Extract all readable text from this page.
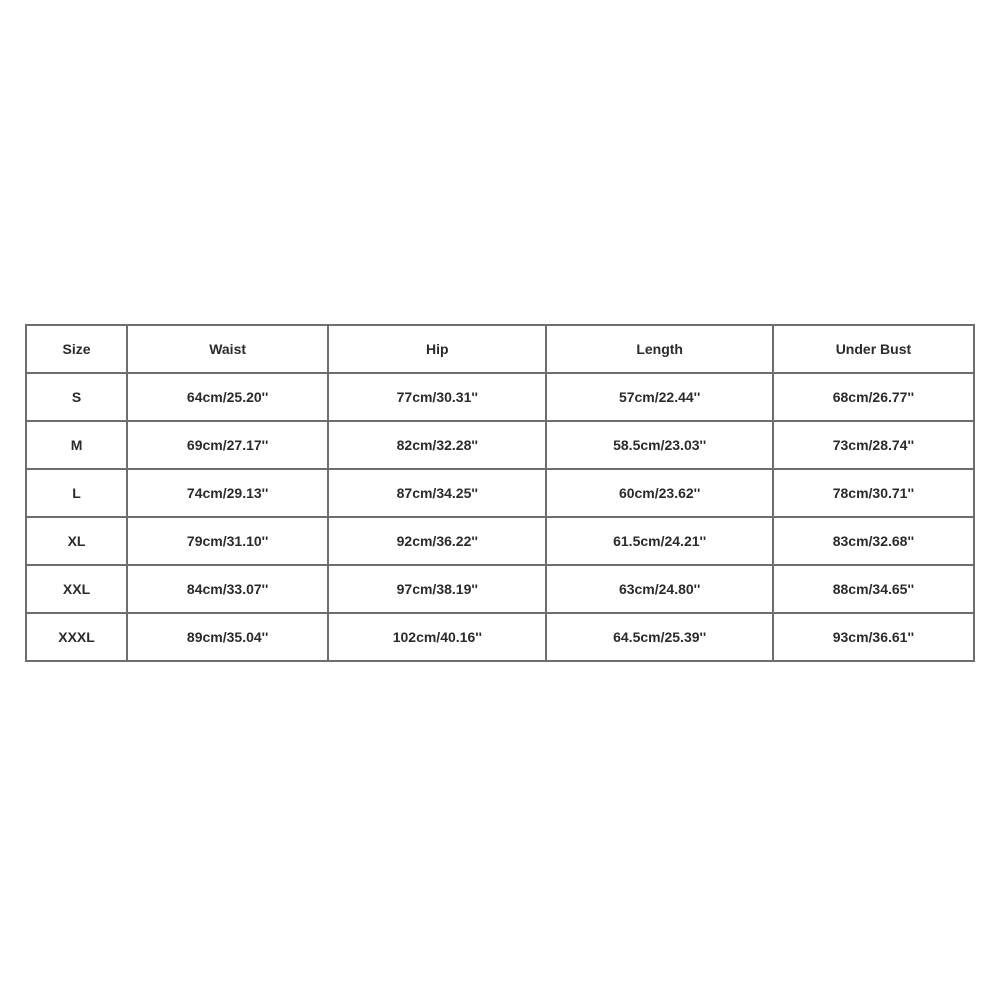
Size	Waist	Hip	Length	Under Bust
S	64cm/25.20''	77cm/30.31''	57cm/22.44''	68cm/26.77''
M	69cm/27.17''	82cm/32.28''	58.5cm/23.03''	73cm/28.74''
L	74cm/29.13''	87cm/34.25''	60cm/23.62''	78cm/30.71''
XL	79cm/31.10''	92cm/36.22''	61.5cm/24.21''	83cm/32.68''
XXL	84cm/33.07''	97cm/38.19''	63cm/24.80''	88cm/34.65''
XXXL	89cm/35.04''	102cm/40.16''	64.5cm/25.39''	93cm/36.61''
